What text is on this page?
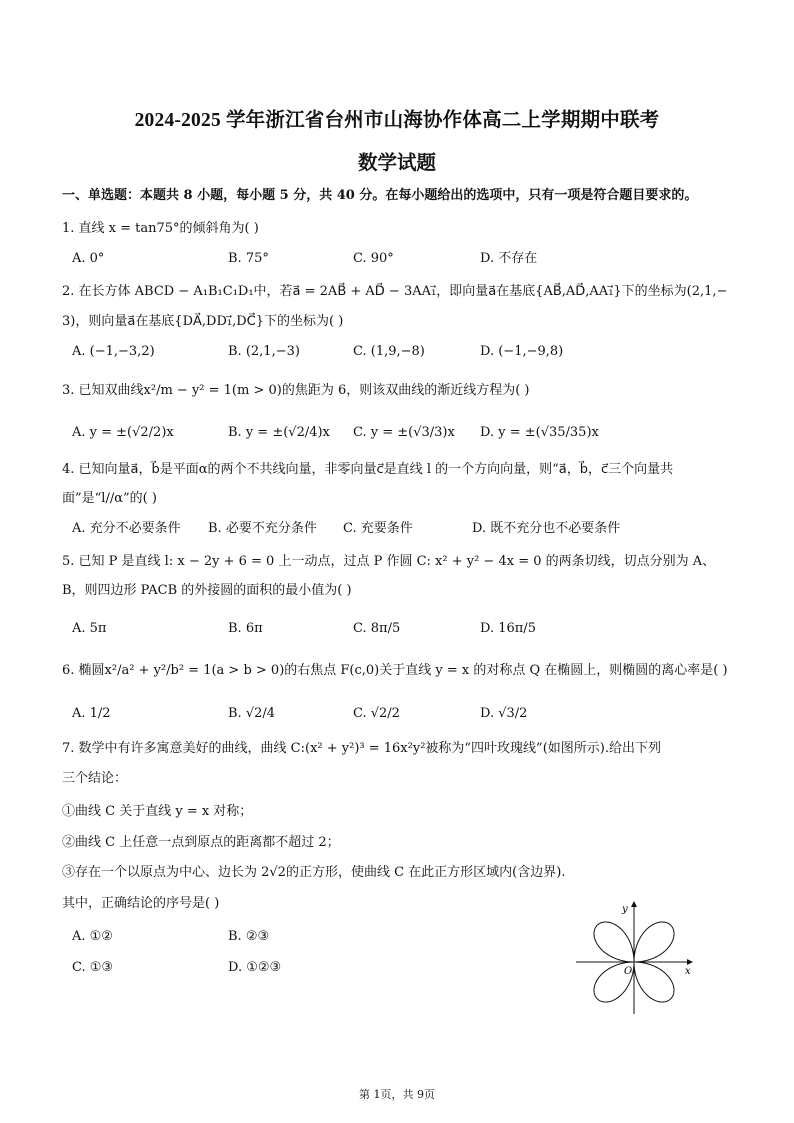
2024-2025 学年浙江省台州市山海协作体高二上学期期中联考
数学试题
一、单选题：本题共 8 小题，每小题 5 分，共 40 分。在每小题给出的选项中，只有一项是符合题目要求的。
1. 直线 x = tan75°的倾斜角为( )
A. 0°	B. 75°	C. 90°	D. 不存在
2. 在长方体 ABCD − A₁B₁C₁D₁中，若a⃗ = 2AB⃗ + AD⃗ − 3AA₁⃗，即向量a⃗在基底{AB⃗,AD⃗,AA₁⃗}下的坐标为(2,1,−
3)，则向量a⃗在基底{DA⃗,DD₁⃗,DC⃗}下的坐标为( )
A. (−1,−3,2)	B. (2,1,−3)	C. (1,9,−8)	D. (−1,−9,8)
3. 已知双曲线x²/m − y² = 1(m > 0)的焦距为 6，则该双曲线的渐近线方程为( )
A. y = ±(√2/2)x	B. y = ±(√2/4)x C. y = ±(√3/3)x D. y = ±(√35/35)x
4. 已知向量a⃗，b⃗是平面α的两个不共线向量，非零向量c⃗是直线 l 的一个方向向量，则“a⃗，b⃗，c⃗三个向量共
面”是“l//α”的( )
A. 充分不必要条件 B. 必要不充分条件 C. 充要条件	D. 既不充分也不必要条件
5. 已知 P 是直线 l: x − 2y + 6 = 0 上一动点，过点 P 作圆 C: x² + y² − 4x = 0 的两条切线，切点分别为 A、
B，则四边形 PACB 的外接圆的面积的最小值为( )
A. 5π	B. 6π	C. 8π/5	D. 16π/5
6. 椭圆x²/a² + y²/b² = 1(a > b > 0)的右焦点 F(c,0)关于直线 y = x 的对称点 Q 在椭圆上，则椭圆的离心率是( )
A. 1/2	B. √2/4	C. √2/2	D. √3/2
7. 数学中有许多寓意美好的曲线，曲线 C:(x² + y²)³ = 16x²y²被称为“四叶玫瑰线”(如图所示).给出下列
三个结论：
①曲线 C 关于直线 y = x 对称；
②曲线 C 上任意一点到原点的距离都不超过 2；
③存在一个以原点为中心、边长为 2√2的正方形，使曲线 C 在此正方形区域内(含边界).
其中，正确结论的序号是( )
A. ①②	B. ②③
C. ①③	D. ①②③
y
x
O
第 1页，共 9页
